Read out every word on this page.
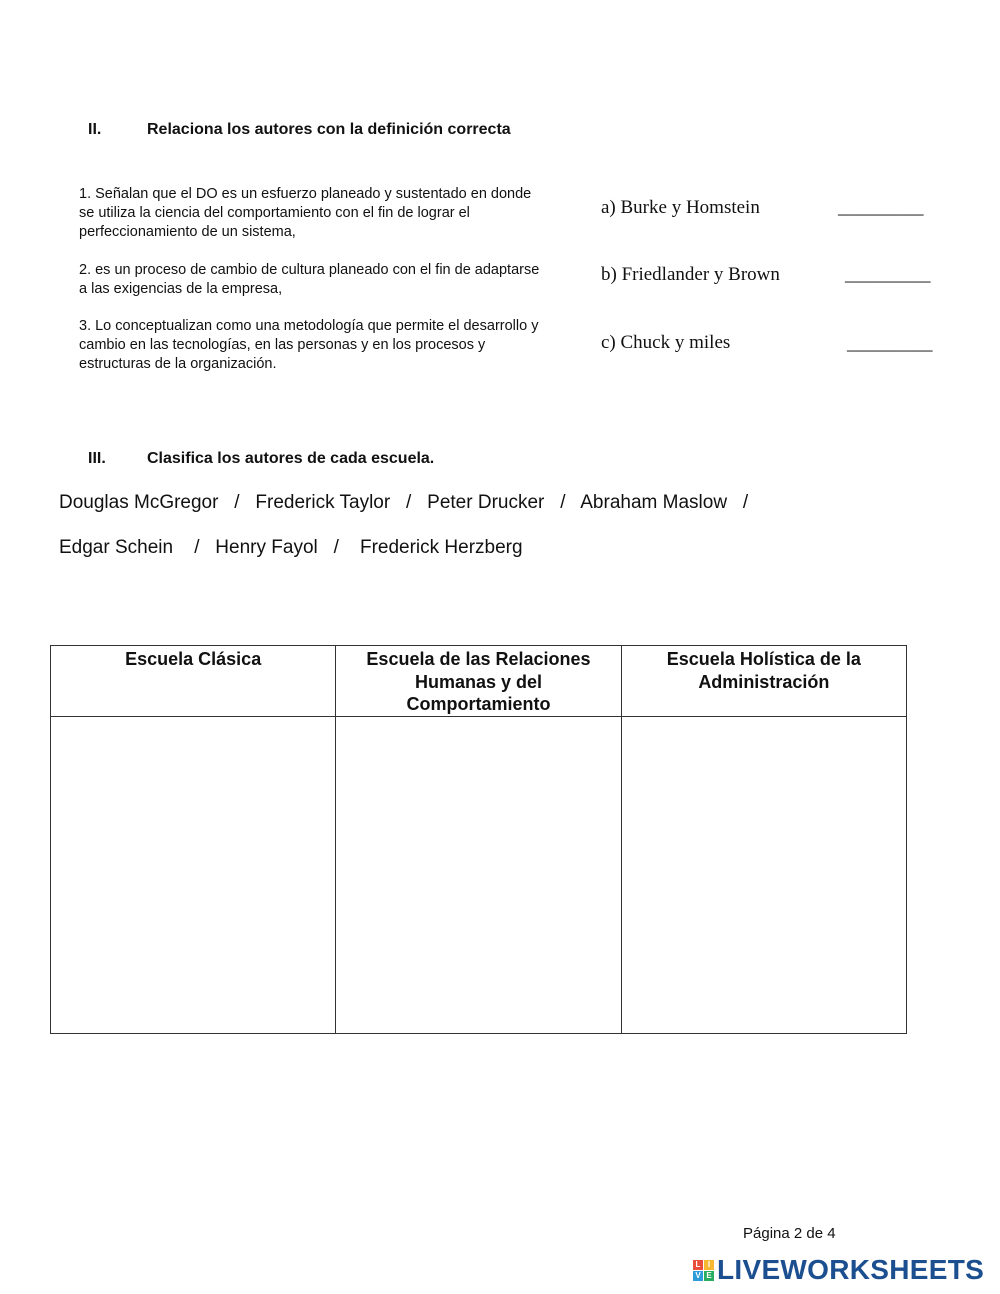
II.	Relaciona los autores con la definición correcta
1. Señalan que el DO es un esfuerzo planeado y sustentado en donde se utiliza la ciencia del comportamiento con el fin de lograr el perfeccionamiento de un sistema,
2. es un proceso de cambio de cultura planeado con el fin de adaptarse a las exigencias de la empresa,
3. Lo conceptualizan como una metodología que permite el desarrollo y cambio en las tecnologías, en las personas y en los procesos y estructuras de la organización.
a) Burke y Homstein	_________
b) Friedlander y Brown	_________
c) Chuck y miles	_________
III.	Clasifica los autores de cada escuela.
Douglas McGregor   /   Frederick Taylor   /   Peter Drucker   /   Abraham Maslow   /
Edgar Schein    /   Henry Fayol   /    Frederick Herzberg
Escuela Clásica	Escuela de las Relaciones Humanas y del Comportamiento	Escuela Holística de la Administración

Página 2 de 4
L I
V E LIVEWORKSHEETS
